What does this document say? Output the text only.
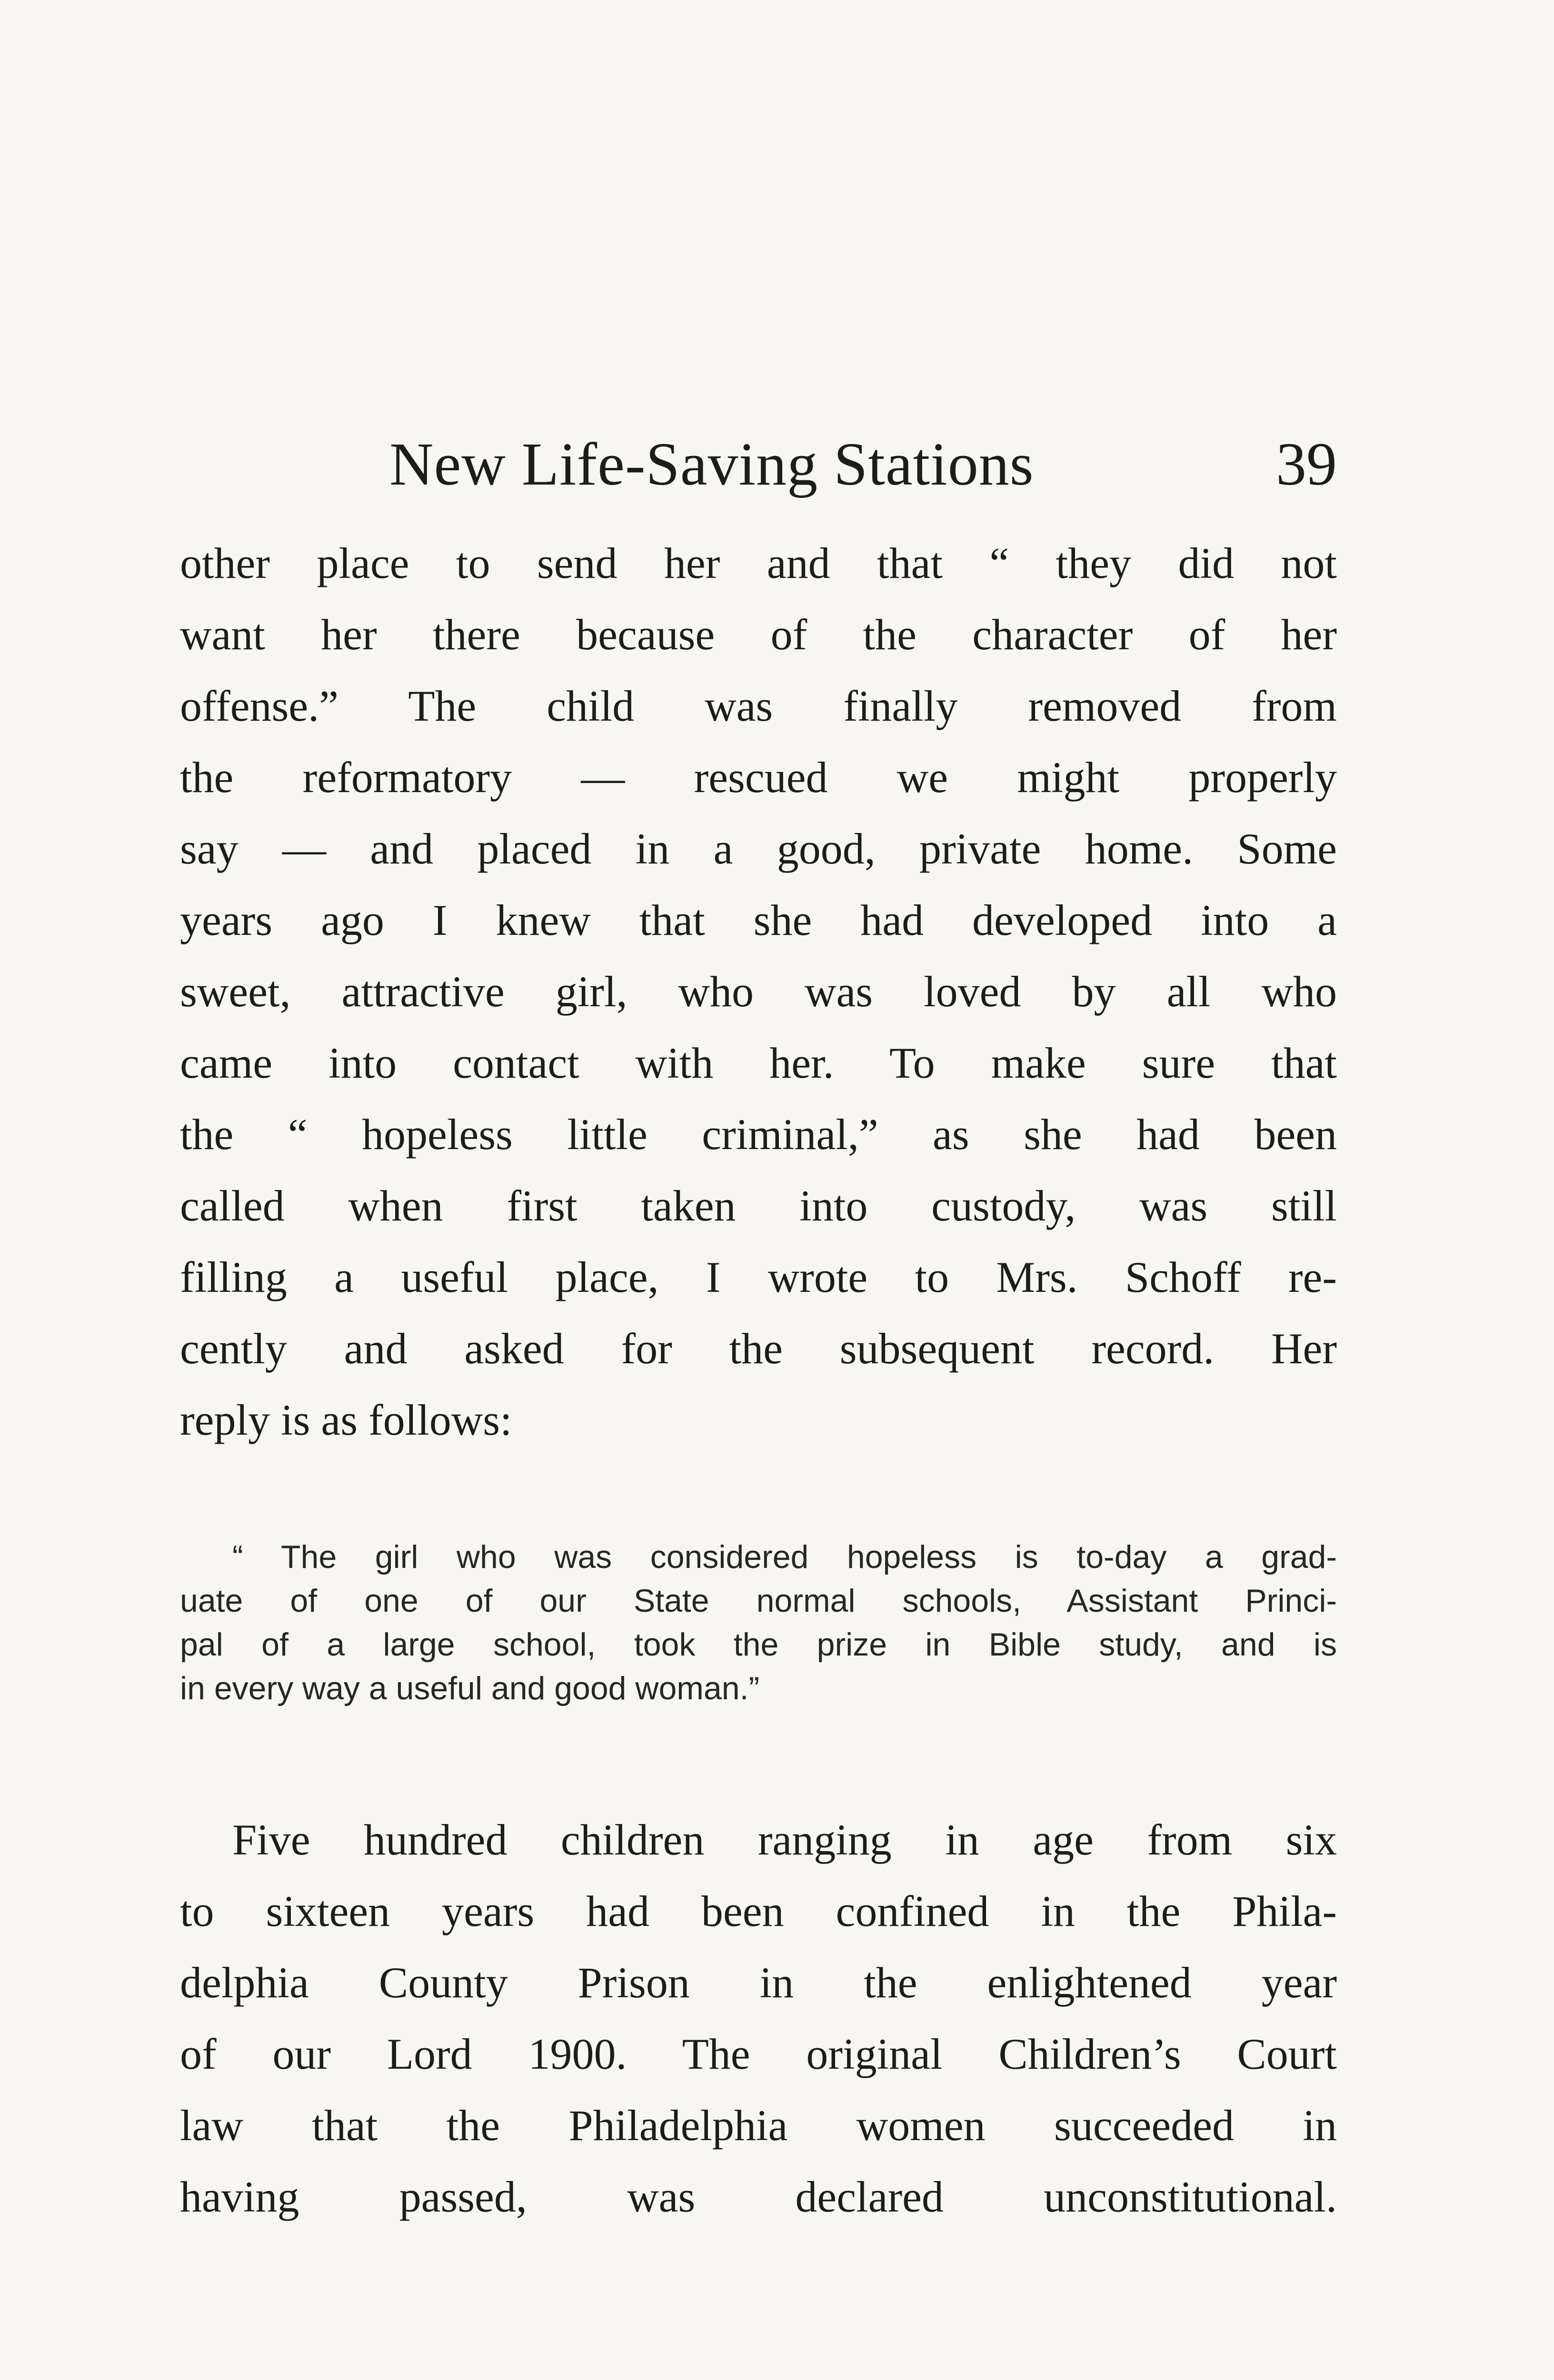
New Life-Saving Stations	39
other place to send her and that “ they did not
want her there because of the character of her
offense.” The child was finally removed from
the reformatory — rescued we might properly
say — and placed in a good, private home. Some
years ago I knew that she had developed into a
sweet, attractive girl, who was loved by all who
came into contact with her. To make sure that
the “ hopeless little criminal,” as she had been
called when first taken into custody, was still
filling a useful place, I wrote to Mrs. Schoff re-
cently and asked for the subsequent record. Her
reply is as follows:
“ The girl who was considered hopeless is to-day a grad-
uate of one of our State normal schools, Assistant Princi-
pal of a large school, took the prize in Bible study, and is
in every way a useful and good woman.”
Five hundred children ranging in age from six
to sixteen years had been confined in the Phila-
delphia County Prison in the enlightened year
of our Lord 1900. The original Children’s Court
law that the Philadelphia women succeeded in
having passed, was declared unconstitutional.
